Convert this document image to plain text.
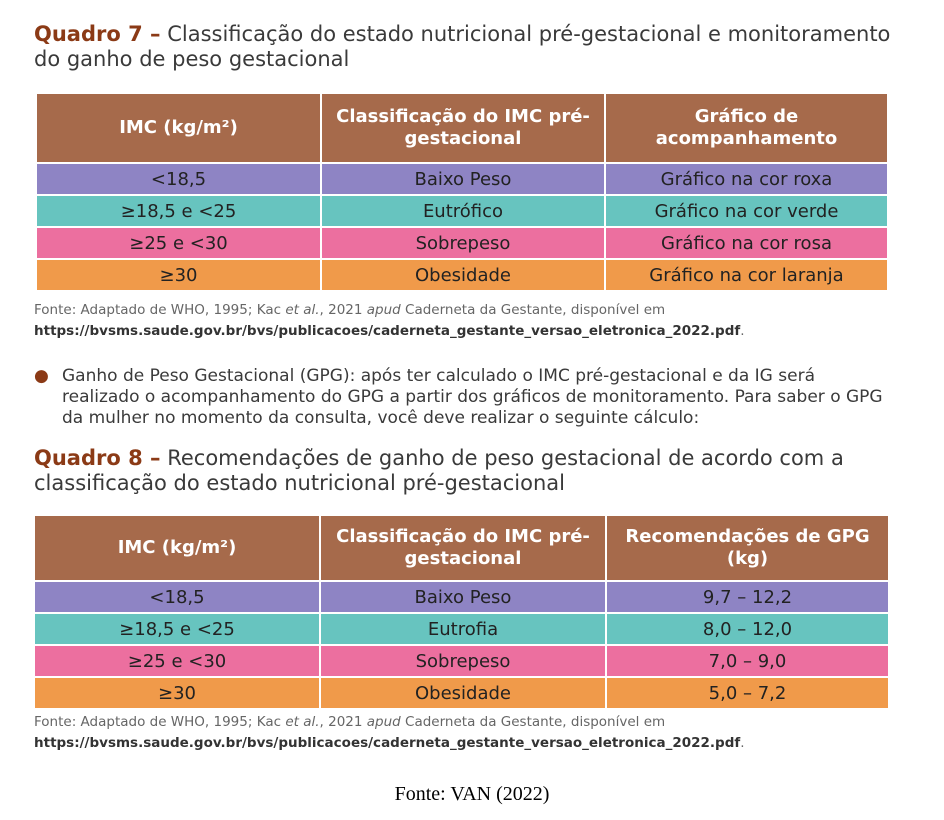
Quadro 7 – Classificação do estado nutricional pré-gestacional e monitoramento do ganho de peso gestacional
IMC (kg/m²)	Classificação do IMC pré-gestacional	Gráfico de acompanhamento
<18,5	Baixo Peso	Gráfico na cor roxa
≥18,5 e <25	Eutrófico	Gráfico na cor verde
≥25 e <30	Sobrepeso	Gráfico na cor rosa
≥30	Obesidade	Gráfico na cor laranja
Fonte: Adaptado de WHO, 1995; Kac et al., 2021 apud Caderneta da Gestante, disponível em https://bvsms.saude.gov.br/bvs/publicacoes/caderneta_gestante_versao_eletronica_2022.pdf.
● Ganho de Peso Gestacional (GPG): após ter calculado o IMC pré-gestacional e da IG será realizado o acompanhamento do GPG a partir dos gráficos de monitoramento. Para saber o GPG da mulher no momento da consulta, você deve realizar o seguinte cálculo:
Quadro 8 – Recomendações de ganho de peso gestacional de acordo com a classificação do estado nutricional pré-gestacional
IMC (kg/m²)	Classificação do IMC pré-gestacional	Recomendações de GPG (kg)
<18,5	Baixo Peso	9,7 – 12,2
≥18,5 e <25	Eutrofia	8,0 – 12,0
≥25 e <30	Sobrepeso	7,0 – 9,0
≥30	Obesidade	5,0 – 7,2
Fonte: Adaptado de WHO, 1995; Kac et al., 2021 apud Caderneta da Gestante, disponível em https://bvsms.saude.gov.br/bvs/publicacoes/caderneta_gestante_versao_eletronica_2022.pdf.
Fonte: VAN (2022)
